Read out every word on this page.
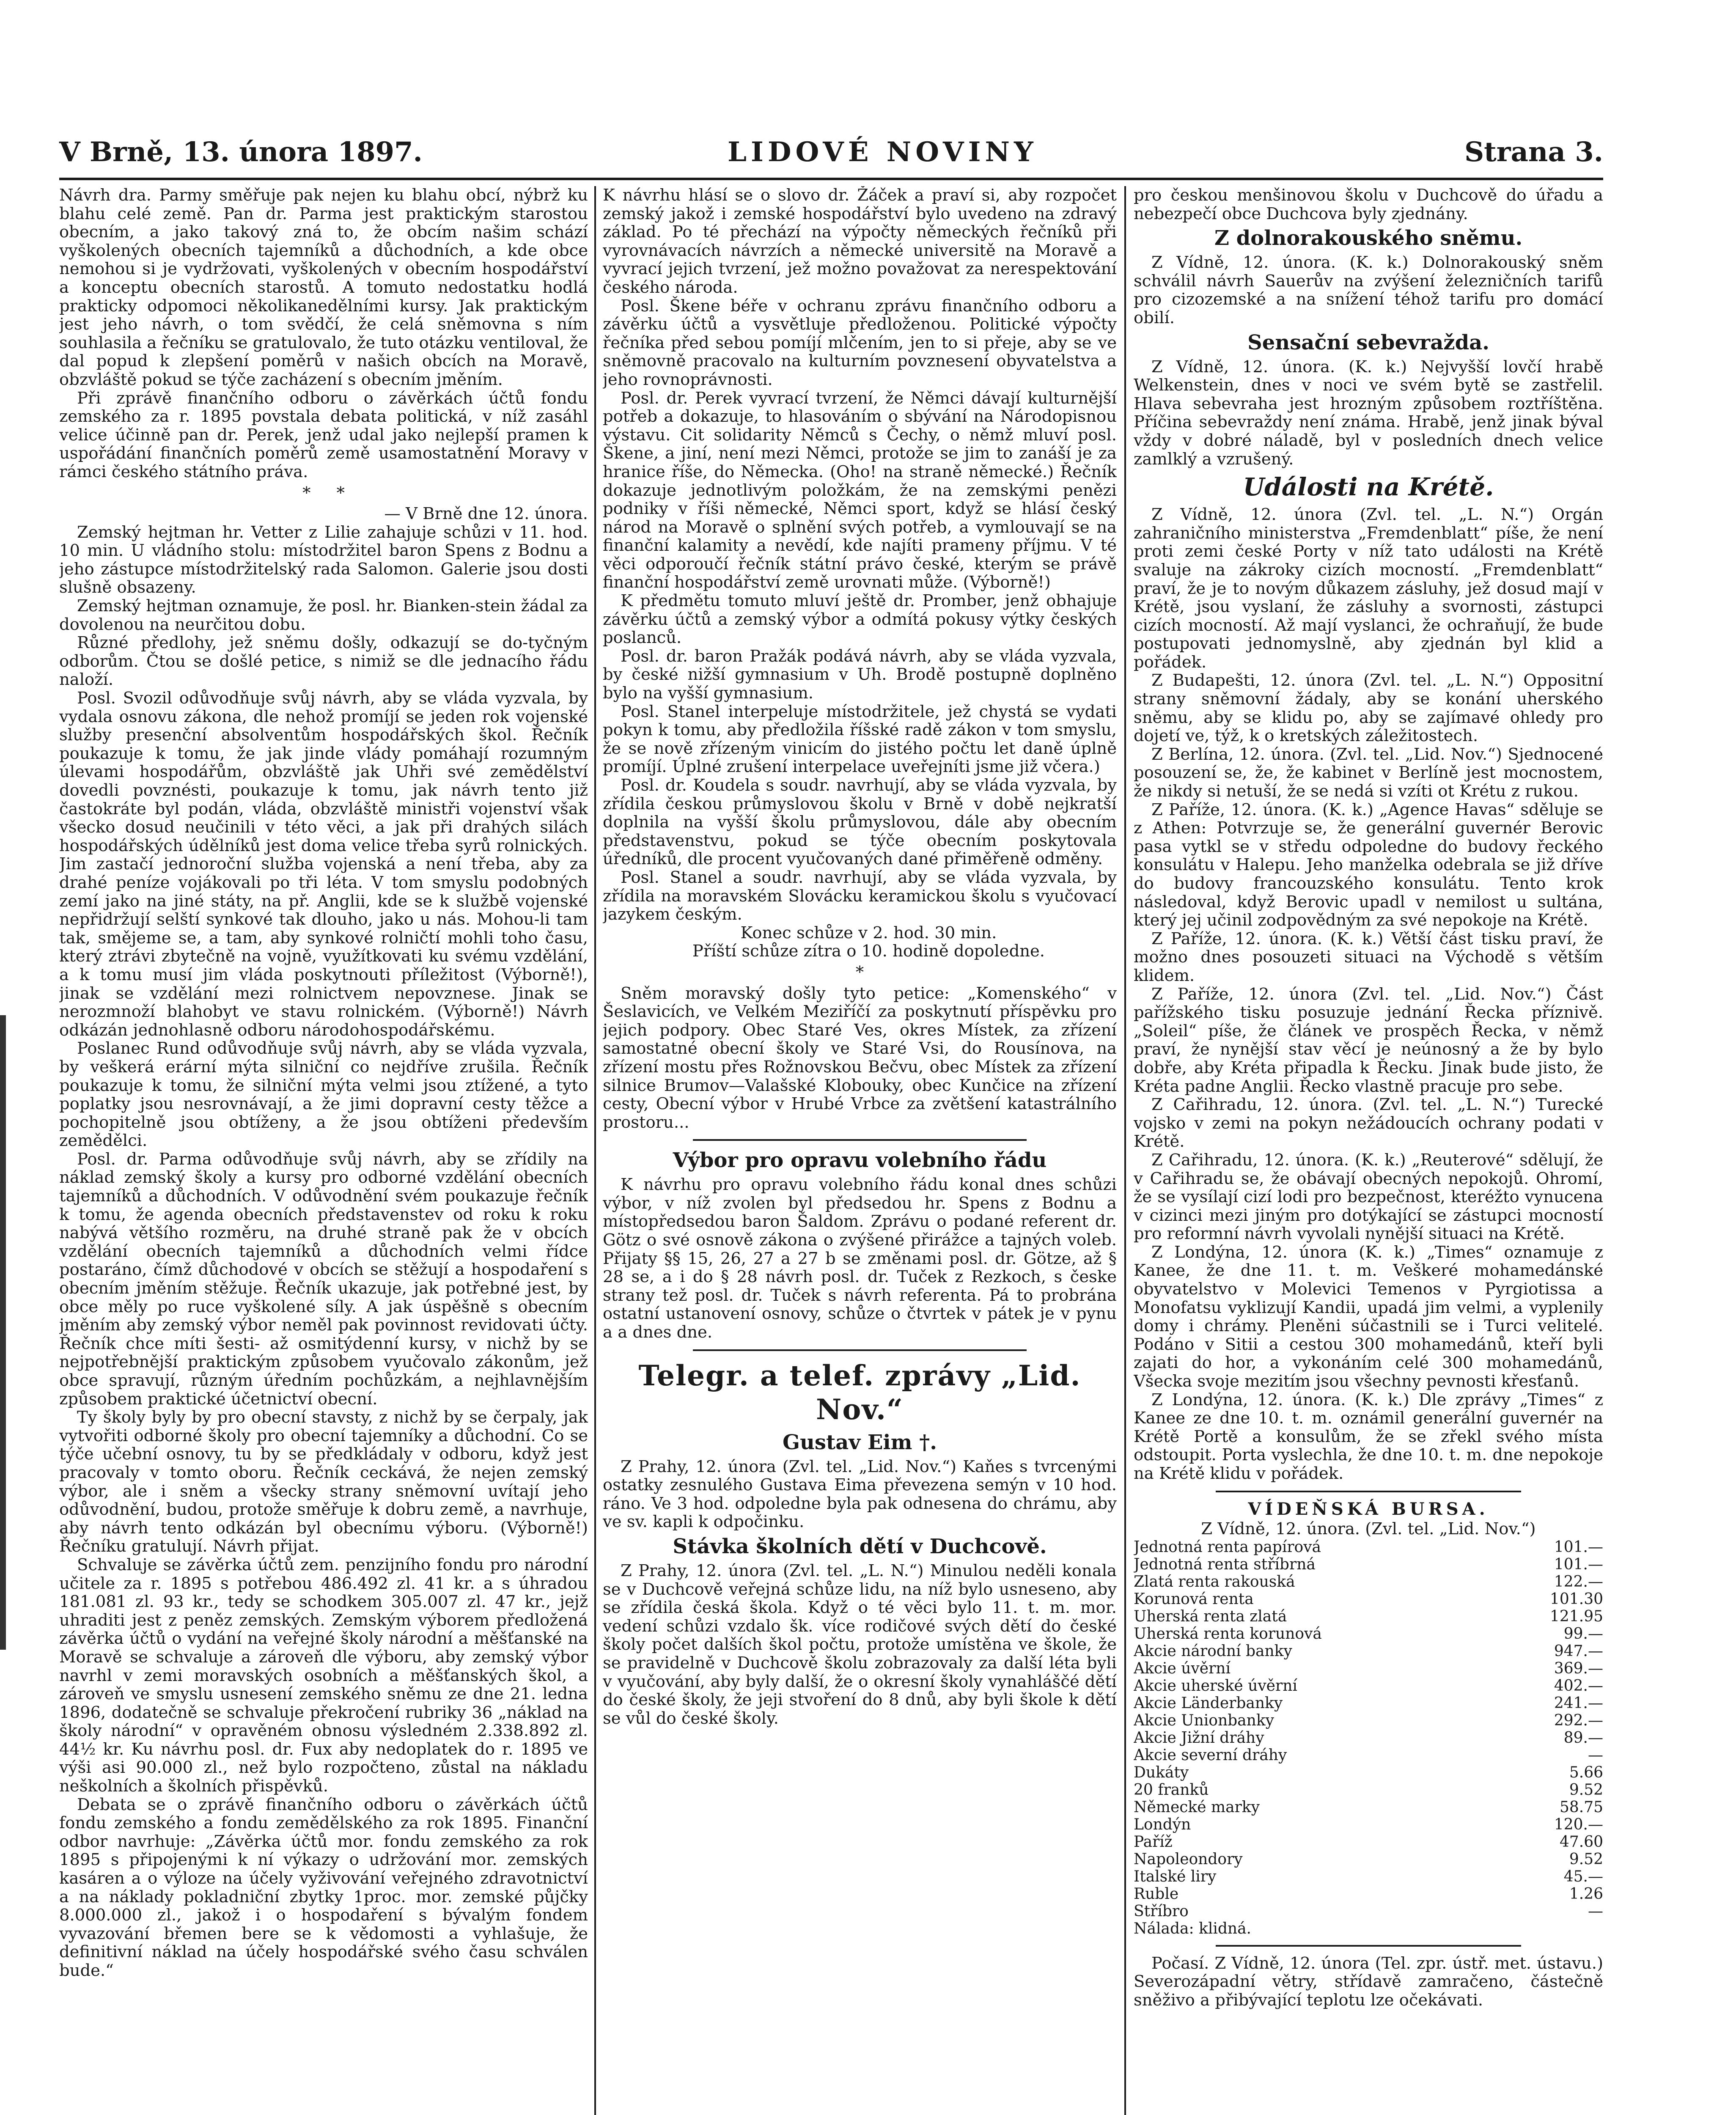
V Brně, 13. února 1897.	LIDOVÉ NOVINY	Strana 3.

Návrh dra. Parmy směřuje pak nejen ku blahu obcí, nýbrž ku blahu celé země. Pan dr. Parma jest praktickým starostou obecním, a jako takový zná to, že obcím našim schází vyškolených obecních tajemníků a důchodních, a kde obce nemohou si je vydržovati, vyškolených v obecním hospodářství a konceptu obecních starostů. A tomuto nedostatku hodlá prakticky odpomoci několikanedělními kursy. Jak praktickým jest jeho návrh, o tom svědčí, že celá sněmovna s ním souhlasila a řečníku se gratulovalo, že tuto otázku ventiloval, že dal popud k zlepšení poměrů v našich obcích na Moravě, obzvláště pokud se týče zacházení s obecním jměním.

Při zprávě finančního odboru o závěrkách účtů fondu zemského za r. 1895 povstala debata politická, v níž zasáhl velice účinně pan dr. Perek, jenž udal jako nejlepší pramen k uspořádání finančních poměrů země usamostatnění Moravy v rámci českého státního práva.

*     *

— V Brně dne 12. února.

Zemský hejtman hr. Vetter z Lilie zahajuje schůzi v 11. hod. 10 min. U vládního stolu: místodržitel baron Spens z Bodnu a jeho zástupce místodržitelský rada Salomon. Galerie jsou dosti slušně obsazeny.

Zemský hejtman oznamuje, že posl. hr. Bianken-stein žádal za dovolenou na neurčitou dobu.

Různé předlohy, jež sněmu došly, odkazují se do-tyčným odborům. Čtou se došlé petice, s nimiž se dle jednacího řádu naloží.

Posl. Svozil odůvodňuje svůj návrh, aby se vláda vyzvala, by vydala osnovu zákona, dle nehož promíjí se jeden rok vojenské služby presenční absolventům hospodářských škol. Řečník poukazuje k tomu, že jak jinde vlády pomáhají rozumným úlevami hospodářům, obzvláště jak Uhři své zemědělství dovedli povznésti, poukazuje k tomu, jak návrh tento již častokráte byl podán, vláda, obzvláště ministři vojenství však všecko dosud neučinili v této věci, a jak při drahých silách hospodářských údělníků jest doma velice třeba syrů rolnických. Jim zastačí jednoroční služba vojenská a není třeba, aby za drahé peníze vojákovali po tři léta. V tom smyslu podobných zemí jako na jiné státy, na př. Anglii, kde se k službě vojenské nepřidržují selští synkové tak dlouho, jako u nás. Mohou-li tam tak, smějeme se, a tam, aby synkové rolničtí mohli toho času, který ztrávi zbytečně na vojně, využítkovati ku svému vzdělání, a k tomu musí jim vláda poskytnouti příležitost (Výborně!), jinak se vzdělání mezi rolnictvem nepovznese. Jinak se nerozmnoží blahobyt ve stavu rolnickém. (Výborně!) Návrh odkázán jednohlasně odboru národohospodářskému.

Poslanec Rund odůvodňuje svůj návrh, aby se vláda vyzvala, by veškerá erární mýta silniční co nejdříve zrušila. Řečník poukazuje k tomu, že silniční mýta velmi jsou ztížené, a tyto poplatky jsou nesrovnávají, a že jimi dopravní cesty těžce a pochopitelně jsou obtíženy, a že jsou obtíženi především zemědělci.

Posl. dr. Parma odůvodňuje svůj návrh, aby se zřídily na náklad zemský školy a kursy pro odborné vzdělání obecních tajemníků a důchodních. V odůvodnění svém poukazuje řečník k tomu, že agenda obecních představenstev od roku k roku nabývá většího rozměru, na druhé straně pak že v obcích vzdělání obecních tajemníků a důchodních velmi řídce postaráno, čímž důchodové v obcích se stěžují a hospodaření s obecním jměním stěžuje. Řečník ukazuje, jak potřebné jest, by obce měly po ruce vyškolené síly. A jak úspěšně s obecním jměním aby zemský výbor neměl pak povinnost revidovati účty. Řečník chce míti šesti- až osmitýdenní kursy, v nichž by se nejpotřebnější praktickým způsobem vyučovalo zákonům, jež obce spravují, různým úředním pochůzkám, a nejhlavnějším způsobem praktické účetnictví obecní.

Ty školy byly by pro obecní stavsty, z nichž by se čerpaly, jak vytvořiti odborné školy pro obecní tajemníky a důchodní. Co se týče učební osnovy, tu by se předkládaly v odboru, když jest pracovaly v tomto oboru. Řečník ceckává, že nejen zemský výbor, ale i sněm a všecky strany sněmovní uvítají jeho odůvodnění, budou, protože směřuje k dobru země, a navrhuje, aby návrh tento odkázán byl obecnímu výboru. (Výborně!) Řečníku gratulují. Návrh přijat.

Schvaluje se závěrka účtů zem. penzijního fondu pro národní učitele za r. 1895 s potřebou 486.492 zl. 41 kr. a s úhradou 181.081 zl. 93 kr., tedy se schodkem 305.007 zl. 47 kr., jejž uhraditi jest z peněz zemských. Zemským výborem předložená závěrka účtů o vydání na veřejné školy národní a měšťanské na Moravě se schvaluje a zároveň dle výboru, aby zemský výbor navrhl v zemi moravských osobních a měšťanských škol, a zároveň ve smyslu usnesení zemského sněmu ze dne 21. ledna 1896, dodatečně se schvaluje překročení rubriky 36 „náklad na školy národní“ v opravěném obnosu výsledném 2.338.892 zl. 44½ kr. Ku návrhu posl. dr. Fux aby nedoplatek do r. 1895 ve výši asi 90.000 zl., než bylo rozpočteno, zůstal na nákladu neškolních a školních přispěvků.

Debata se o zprávě finančního odboru o závěrkách účtů fondu zemského a fondu zemědělského za rok 1895. Finanční odbor navrhuje: „Závěrka účtů mor. fondu zemského za rok 1895 s připojenými k ní výkazy o udržování mor. zemských kasáren a o výloze na účely vyživování veřejného zdravotnictví a na náklady pokladniční zbytky 1proc. mor. zemské půjčky 8.000.000 zl., jakož i o hospodaření s bývalým fondem vyvazování břemen bere se k vědomosti a vyhlašuje, že definitivní náklad na účely hospodářské svého času schválen bude.“

K návrhu hlásí se o slovo dr. Žáček a praví si, aby rozpočet zemský jakož i zemské hospodářství bylo uvedeno na zdravý základ. Po té přechází na výpočty německých řečníků při vyrovnávacích návrzích a německé universitě na Moravě a vyvrací jejich tvrzení, jež možno považovat za nerespektování českého národa.

Posl. Škene béře v ochranu zprávu finančního odboru a závěrku účtů a vysvětluje předloženou. Politické výpočty řečníka před sebou pomíjí mlčením, jen to si přeje, aby se ve sněmovně pracovalo na kulturním povznesení obyvatelstva a jeho rovnoprávnosti.

Posl. dr. Perek vyvrací tvrzení, že Němci dávají kulturnější potřeb a dokazuje, to hlasováním o sbývání na Národopisnou výstavu. Cit solidarity Němců s Čechy, o němž mluví posl. Škene, a jiní, není mezi Němci, protože se jim to zanáší je za hranice říše, do Německa. (Oho! na straně německé.) Řečník dokazuje jednotlivým položkám, že na zemskými penězi podniky v říši německé, Němci sport, když se hlásí český národ na Moravě o splnění svých potřeb, a vymlouvají se na finanční kalamity a nevědí, kde najíti prameny příjmu. V té věci odporoučí řečník státní právo české, kterým se právě finanční hospodářství země urovnati může. (Výborně!)

K předmětu tomuto mluví ještě dr. Promber, jenž obhajuje závěrku účtů a zemský výbor a odmítá pokusy výtky českých poslanců.

Posl. dr. baron Pražák podává návrh, aby se vláda vyzvala, by české nižší gymnasium v Uh. Brodě postupně doplněno bylo na vyšší gymnasium.

Posl. Stanel interpeluje místodržitele, jež chystá se vydati pokyn k tomu, aby předložila říšské radě zákon v tom smyslu, že se nově zřízeným vinicím do jistého počtu let daně úplně promíjí. Úplné zrušení interpelace uveřejníti jsme již včera.)

Posl. dr. Koudela s soudr. navrhují, aby se vláda vyzvala, by zřídila českou průmyslovou školu v Brně v době nejkratší doplnila na vyšší školu průmyslovou, dále aby obecním představenstvu, pokud se týče obecním poskytovala úředníků, dle procent vyučovaných dané přiměřeně odměny.

Posl. Stanel a soudr. navrhují, aby se vláda vyzvala, by zřídila na moravském Slovácku keramickou školu s vyučovací jazykem českým.

Konec schůze v 2. hod. 30 min.

Příští schůze zítra o 10. hodině dopoledne.

*

Sněm moravský došly tyto petice: „Komenského“ v Šeslavicích, ve Velkém Meziříčí za poskytnutí příspěvku pro jejich podpory. Obec Staré Ves, okres Místek, za zřízení samostatné obecní školy ve Staré Vsi, do Rousínova, na zřízení mostu přes Rožnovskou Bečvu, obec Místek za zřízení silnice Brumov—Valašské Klobouky, obec Kunčice na zřízení cesty, Obecní výbor v Hrubé Vrbce za zvětšení katastrálního prostoru...

Výbor pro opravu volebního řádu

K návrhu pro opravu volebního řádu konal dnes schůzi výbor, v níž zvolen byl předsedou hr. Spens z Bodnu a místopředsedou baron Šaldom. Zprávu o podané referent dr. Götz o své osnově zákona o zvýšené přirážce a tajných voleb. Přijaty §§ 15, 26, 27 a 27 b se změnami posl. dr. Götze, až § 28 se, a i do § 28 návrh posl. dr. Tuček z Rezkoch, s česke strany tež posl. dr. Tuček s návrh referenta. Pá to probrána ostatní ustanovení osnovy, schůze o čtvrtek v pátek je v pynu a a dnes dne.

Telegr. a telef. zprávy „Lid. Nov.“
Gustav Eim †.

Z Prahy, 12. února (Zvl. tel. „Lid. Nov.“) Kaňes s tvrcenými ostatky zesnulého Gustava Eima převezena semýn v 10 hod. ráno. Ve 3 hod. odpoledne byla pak odnesena do chrámu, aby ve sv. kapli k odpočinku.

Stávka školních dětí v Duchcově.

Z Prahy, 12. února (Zvl. tel. „L. N.“) Minulou neděli konala se v Duchcově veřejná schůze lidu, na níž bylo usneseno, aby se zřídila česká škola. Když o té věci bylo 11. t. m. mor. vedení schůzi vzdalo šk. více rodičové svých dětí do české školy počet dalších škol počtu, protože umístěna ve škole, že se pravidelně v Duchcově školu zobrazovaly za další léta byli v vyučování, aby byly další, že o okresní školy vynahláščé dětí do české školy, že jeji stvoření do 8 dnů, aby byli škole k dětí se vůl do české školy.

pro českou menšinovou školu v Duchcově do úřadu a nebezpečí obce Duchcova byly zjednány.

Z dolnorakouského sněmu.

Z Vídně, 12. února. (K. k.) Dolnorakouský sněm schválil návrh Sauerův na zvýšení železničních tarifů pro cizozemské a na snížení téhož tarifu pro domácí obilí.

Sensační sebevražda.

Z Vídně, 12. února. (K. k.) Nejvyšší lovčí hrabě Welkenstein, dnes v noci ve svém bytě se zastřelil. Hlava sebevraha jest hrozným způsobem roztříštěna. Příčina sebevraždy není známa. Hrabě, jenž jinak býval vždy v dobré náladě, byl v posledních dnech velice zamlklý a vzrušený.

Události na Krétě.

Z Vídně, 12. února (Zvl. tel. „L. N.“) Orgán zahraničního ministerstva „Fremdenblatt“ píše, že není proti zemi české Porty v níž tato události na Krétě svaluje na zákroky cizích mocností. „Fremdenblatt“ praví, že je to novým důkazem zásluhy, jež dosud mají v Krétě, jsou vyslaní, že zásluhy a svornosti, zástupci cizích mocností. Až mají vyslanci, že ochraňují, že bude postupovati jednomyslně, aby zjednán byl klid a pořádek.

Z Budapešti, 12. února (Zvl. tel. „L. N.“) Oppositní strany sněmovní žádaly, aby se konání uherského sněmu, aby se klidu po, aby se zajímavé ohledy pro dojetí ve, týž, k o kretských záležitostech.

Z Berlína, 12. února. (Zvl. tel. „Lid. Nov.“) Sjednocené posouzení se, že, že kabinet v Berlíně jest mocnostem, že nikdy si netuší, že se nedá si vzíti ot Krétu z rukou.

Z Paříže, 12. února. (K. k.) „Agence Havas“ sděluje se z Athen: Potvrzuje se, že generální guvernér Berovic pasa vytkl se v středu odpoledne do budovy řeckého konsulátu v Halepu. Jeho manželka odebrala se již dříve do budovy francouzského konsulátu. Tento krok následoval, když Berovic upadl v nemilost u sultána, který jej učinil zodpovědným za své nepokoje na Krétě.

Z Paříže, 12. února. (K. k.) Větší část tisku praví, že možno dnes posouzeti situaci na Východě s větším klidem.

Z Paříže, 12. února (Zvl. tel. „Lid. Nov.“) Část pařížského tisku posuzuje jednání Řecka příznivě. „Soleil“ píše, že článek ve prospěch Řecka, v němž praví, že nynější stav věcí je neúnosný a že by bylo dobře, aby Kréta připadla k Řecku. Jinak bude jisto, že Kréta padne Anglii. Řecko vlastně pracuje pro sebe.

Z Cařihradu, 12. února. (Zvl. tel. „L. N.“) Turecké vojsko v zemi na pokyn nežádoucích ochrany podati v Krétě.

Z Cařihradu, 12. února. (K. k.) „Reuterové“ sdělují, že v Cařihradu se, že obávají obecných nepokojů. Ohromí, že se vysílají cizí lodi pro bezpečnost, kteréžto vynucena v cizinci mezi jiným pro dotýkající se zástupci mocností pro reformní návrh vyvolali nynější situaci na Krétě.

Z Londýna, 12. února (K. k.) „Times“ oznamuje z Kanee, že dne 11. t. m. Veškeré mohamedánské obyvatelstvo v Molevici Temenos v Pyrgiotissa a Monofatsu vyklizují Kandii, upadá jim velmi, a vyplenily domy i chrámy. Pleněni súčastnili se i Turci velitelé. Podáno v Sitii a cestou 300 mohamedánů, kteří byli zajati do hor, a vykonáním celé 300 mohamedánů, Všecka svoje mezitím jsou všechny pevnosti křesťanů.

Z Londýna, 12. února. (K. k.) Dle zprávy „Times“ z Kanee ze dne 10. t. m. oznámil generální guvernér na Krétě Portě a konsulům, že se zřekl svého místa odstoupit. Porta vyslechla, že dne 10. t. m. dne nepokoje na Krétě klidu v pořádek.

VÍDEŇSKÁ BURSA.

Z Vídně, 12. února. (Zvl. tel. „Lid. Nov.“)

Jednotná renta papírová	101.—
Jednotná renta stříbrná	101.—
Zlatá renta rakouská	122.—
Korunová renta	101.30
Uherská renta zlatá	121.95
Uherská renta korunová	99.—
Akcie národní banky	947.—
Akcie úvěrní	369.—
Akcie uherské úvěrní	402.—
Akcie Länderbanky	241.—
Akcie Unionbanky	292.—
Akcie Jižní dráhy	89.—
Akcie severní dráhy	—
Dukáty	5.66
20 franků	9.52
Německé marky	58.75
Londýn	120.—
Paříž	47.60
Napoleondory	9.52
Italské liry	45.—
Ruble	1.26
Stříbro	—
Nálada: klidná.	

Počasí. Z Vídně, 12. února (Tel. zpr. ústř. met. ústavu.) Severozápadní větry, střídavě zamračeno, částečně sněživo a přibývající teplotu lze očekávati.
